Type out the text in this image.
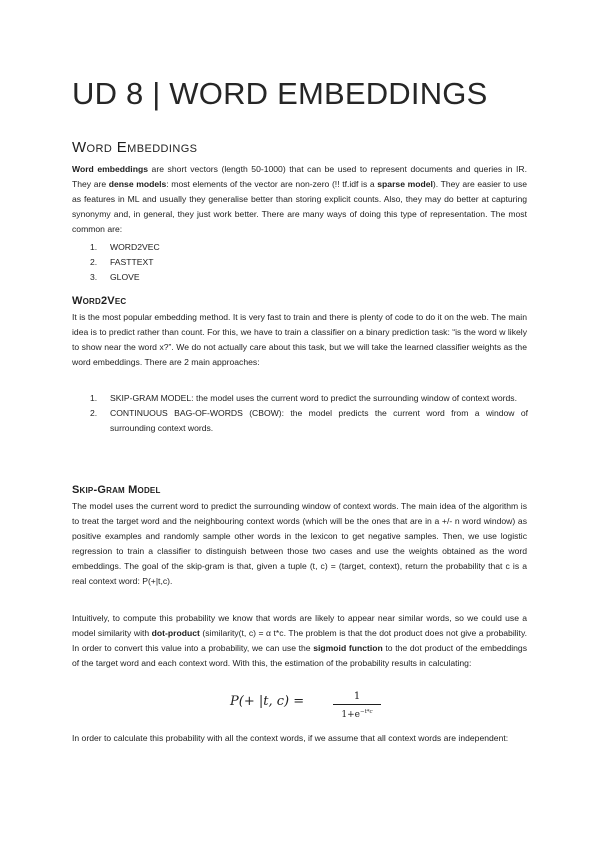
UD 8 | WORD EMBEDDINGS
Word Embeddings

Word embeddings are short vectors (length 50-1000) that can be used to represent documents and queries in IR. They are dense models: most elements of the vector are non-zero (!! tf.idf is a sparse model). They are easier to use as features in ML and usually they generalise better than storing explicit counts. Also, they may do better at capturing synonymy and, in general, they just work better. There are many ways of doing this type of representation. The most common are:

1. WORD2VEC
2. FASTTEXT
3. GLOVE
Word2Vec

It is the most popular embedding method. It is very fast to train and there is plenty of code to do it on the web. The main idea is to predict rather than count. For this, we have to train a classifier on a binary prediction task: “is the word w likely to show near the word x?”. We do not actually care about this task, but we will take the learned classifier weights as the word embeddings. There are 2 main approaches:

1. SKIP-GRAM MODEL: the model uses the current word to predict the surrounding window of context words.
2. CONTINUOUS BAG-OF-WORDS (CBOW): the model predicts the current word from a window of surrounding context words.
Skip-Gram Model

The model uses the current word to predict the surrounding window of context words. The main idea of the algorithm is to treat the target word and the neighbouring context words (which will be the ones that are in a +/- n word window) as positive examples and randomly sample other words in the lexicon to get negative samples. Then, we use logistic regression to train a classifier to distinguish between those two cases and use the weights obtained as the word embeddings. The goal of the skip-gram is that, given a tuple (t, c) = (target, context), return the probability that c is a real context word: P(+|t,c).

Intuitively, to compute this probability we know that words are likely to appear near similar words, so we could use a model similarity with dot-product (similarity(t, c) = α t*c. The problem is that the dot product does not give a probability. In order to convert this value into a probability, we can use the sigmoid function to the dot product of the embeddings of the target word and each context word. With this, the estimation of the probability results in calculating:

P(+ |t, c) =	1
$1+e^{-t*c}$

In order to calculate this probability with all the context words, if we assume that all context words are independent:
